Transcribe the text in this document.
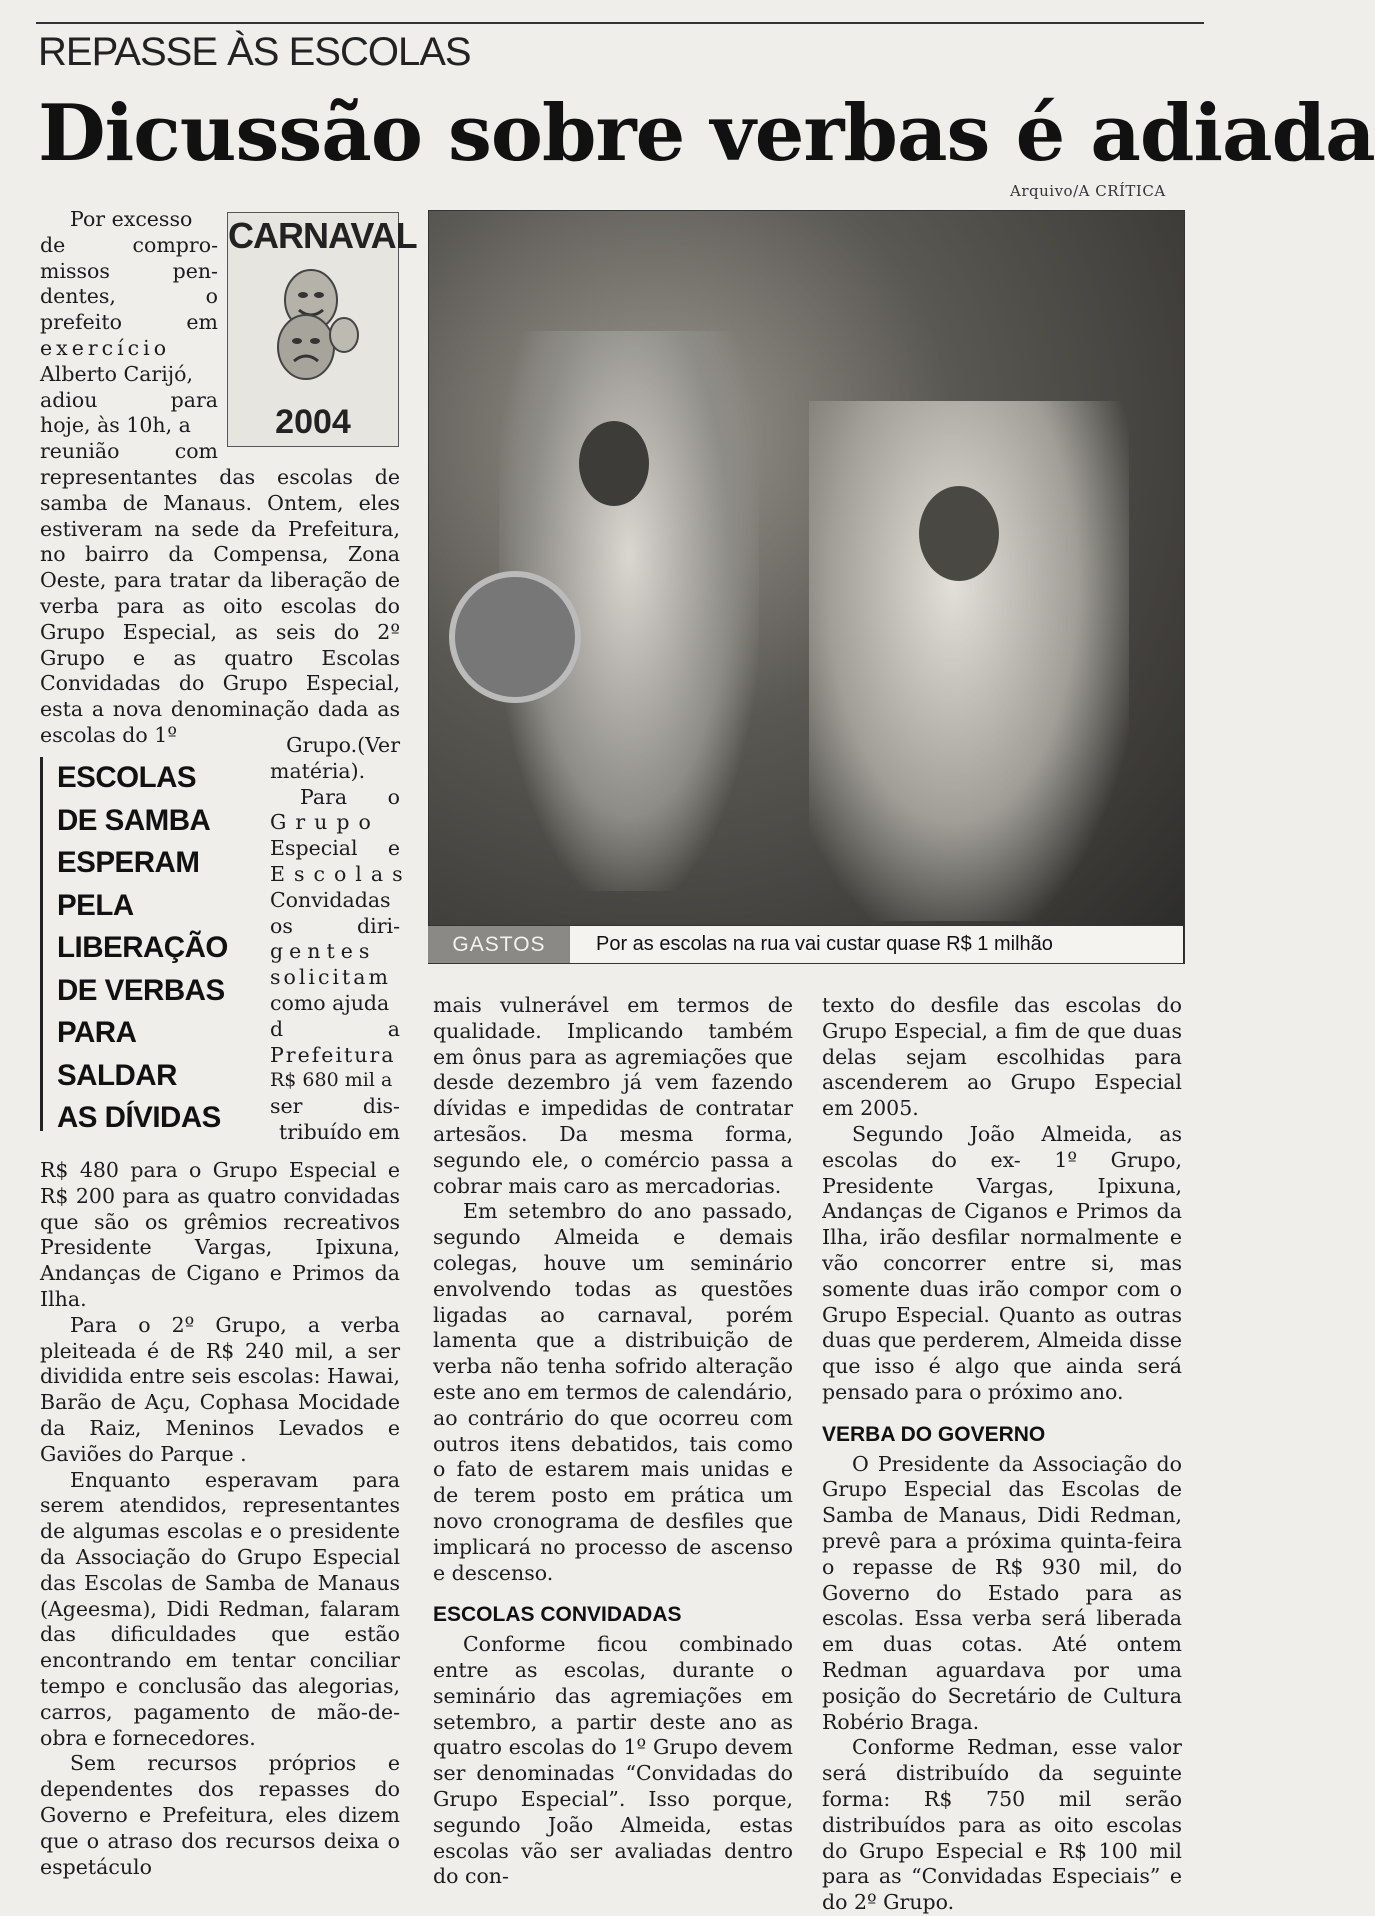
REPASSE ÀS ESCOLAS
Dicussão sobre verbas é adiada
Por excesso
de compro-
missos pen-
dentes, o
prefeito em
exercício
Alberto Carijó,
adiou para
hoje, às 10h, a
reunião com
CARNAVAL
2004

representantes das escolas de samba de Manaus. Ontem, eles estiveram na sede da Prefeitura, no bairro da Compensa, Zona Oeste, para tratar da liberação de verba para as oito escolas do Grupo Especial, as seis do 2º Grupo e as quatro Escolas Convidadas do Grupo Especial, esta a nova denominação dada as escolas do 1º

ESCOLAS
DE SAMBA
ESPERAM
PELA
LIBERAÇÃO
DE VERBAS
PARA
SALDAR
AS DÍVIDAS
Grupo.(Ver
matéria).
Para o
Grupo
Especial e
Escolas
Convidadas
os diri-
gentes
solicitam
como ajuda
d a
Prefeitura
R$ 680 mil a
ser dis-
tribuído em

R$ 480 para o Grupo Especial e R$ 200 para as quatro convidadas que são os grêmios recreativos Presidente Vargas, Ipixuna, Andanças de Cigano e Primos da Ilha.

Para o 2º Grupo, a verba pleiteada é de R$ 240 mil, a ser dividida entre seis escolas: Hawai, Barão de Açu, Cophasa Mocidade da Raiz, Meninos Levados e Gaviões do Parque .

Enquanto esperavam para serem atendidos, representantes de algumas escolas e o presidente da Associação do Grupo Especial das Escolas de Samba de Manaus (Ageesma), Didi Redman, falaram das dificuldades que estão encontrando em tentar conciliar tempo e conclusão das alegorias, carros, pagamento de mão-de-obra e fornecedores.

Sem recursos próprios e dependentes dos repasses do Governo e Prefeitura, eles dizem que o atraso dos recursos deixa o espetáculo

Arquivo/A CRÍTICA
GASTOS	Por as escolas na rua vai custar quase R$ 1 milhão

mais vulnerável em termos de qualidade. Implicando também em ônus para as agremiações que desde dezembro já vem fazendo dívidas e impedidas de contratar artesãos. Da mesma forma, segundo ele, o comércio passa a cobrar mais caro as mercadorias.

Em setembro do ano passado, segundo Almeida e demais colegas, houve um seminário envolvendo todas as questões ligadas ao carnaval, porém lamenta que a distribuição de verba não tenha sofrido alteração este ano em termos de calendário, ao contrário do que ocorreu com outros itens debatidos, tais como o fato de estarem mais unidas e de terem posto em prática um novo cronograma de desfiles que implicará no processo de ascenso e descenso.

ESCOLAS CONVIDADAS

Conforme ficou combinado entre as escolas, durante o seminário das agremiações em setembro, a partir deste ano as quatro escolas do 1º Grupo devem ser denominadas “Convidadas do Grupo Especial”. Isso porque, segundo João Almeida, estas escolas vão ser avaliadas dentro do con-

texto do desfile das escolas do Grupo Especial, a fim de que duas delas sejam escolhidas para ascenderem ao Grupo Especial em 2005.

Segundo João Almeida, as escolas do ex- 1º Grupo, Presidente Vargas, Ipixuna, Andanças de Ciganos e Primos da Ilha, irão desfilar normalmente e vão concorrer entre si, mas somente duas irão compor com o Grupo Especial. Quanto as outras duas que perderem, Almeida disse que isso é algo que ainda será pensado para o próximo ano.

VERBA DO GOVERNO

O Presidente da Associação do Grupo Especial das Escolas de Samba de Manaus, Didi Redman, prevê para a próxima quinta-feira o repasse de R$ 930 mil, do Governo do Estado para as escolas. Essa verba será liberada em duas cotas. Até ontem Redman aguardava por uma posição do Secretário de Cultura Robério Braga.

Conforme Redman, esse valor será distribuído da seguinte forma: R$ 750 mil serão distribuídos para as oito escolas do Grupo Especial e R$ 100 mil para as “Convidadas Especiais” e do 2º Grupo.
